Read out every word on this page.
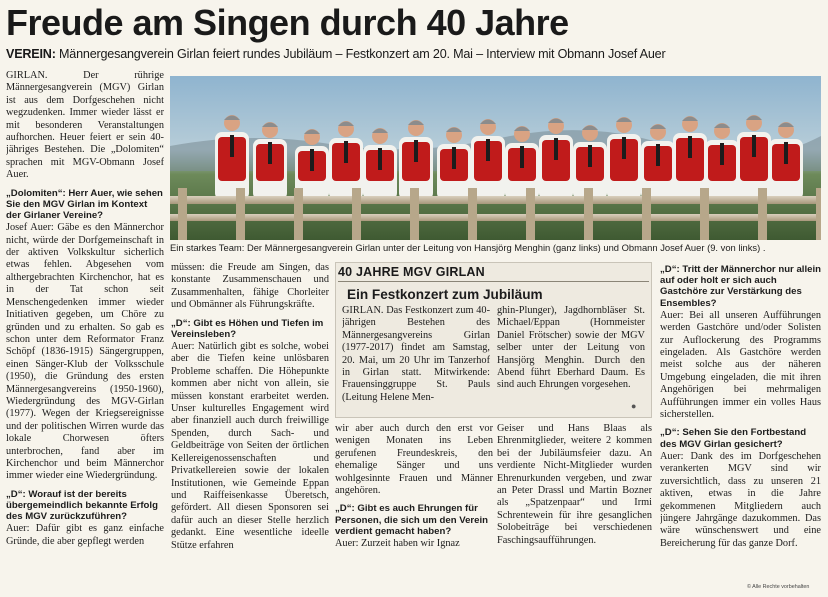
Freude am Singen durch 40 Jahre
VEREIN: Männergesangverein Girlan feiert rundes Jubiläum – Festkonzert am 20. Mai – Interview mit Obmann Josef Auer

GIRLAN. Der rührige Männergesangverein (MGV) Girlan ist aus dem Dorfgeschehen nicht wegzudenken. Immer wieder lässt er mit besonderen Veranstaltungen aufhorchen. Heuer feiert er sein 40-jähriges Bestehen. Die „Dolomiten“ sprachen mit MGV-Obmann Josef Auer.

„Dolomiten“: Herr Auer, wie sehen Sie den MGV Girlan im Kontext der Girlaner Vereine?

Josef Auer: Gäbe es den Männerchor nicht, würde der Dorfgemeinschaft in der aktiven Volkskultur sicherlich etwas fehlen. Abgesehen vom althergebrachten Kirchenchor, hat es in der Tat schon seit Menschengedenken immer wieder Initiativen gegeben, um Chöre zu gründen und zu erhalten. So gab es schon unter dem Reformator Franz Schöpf (1836-1915) Sängergruppen, einen Sänger-Klub der Volksschule (1950), die Gründung des ersten Männergesangvereins (1950-1960), Wiedergründung des MGV-Girlan (1977). Wegen der Kriegsereignisse und der politischen Wirren wurde das lokale Chorwesen öfters unterbrochen, fand aber im Kirchenchor und beim Männerchor immer wieder eine Wiedergründung.

„D“: Worauf ist der bereits übergemeindlich bekannte Erfolg des MGV zurückzuführen?

Auer: Dafür gibt es ganz einfache Gründe, die aber gepflegt werden

Ein starkes Team: Der Männergesangverein Girlan unter der Leitung von Hansjörg Menghin (ganz links) und Obmann Josef Auer (9. von links) .

müssen: die Freude am Singen, das konstante Zusammenschauen und Zusammenhalten, fähige Chorleiter und Obmänner als Führungskräfte.

„D“: Gibt es Höhen und Tiefen im Vereinsleben?

Auer: Natürlich gibt es solche, wobei aber die Tiefen keine unlösbaren Probleme schaffen. Die Höhepunkte kommen aber nicht von allein, sie müssen konstant erarbeitet werden. Unser kulturelles Engagement wird aber finanziell auch durch freiwillige Spenden, durch Sach- und Geldbeiträge von Seiten der örtlichen Kellereigenossenschaften und Privatkellereien sowie der lokalen Institutionen, wie Gemeinde Eppan und Raiffeisenkasse Überetsch, gefördert. All diesen Sponsoren sei dafür auch an dieser Stelle herzlich gedankt. Eine wesentliche ideelle Stütze erfahren

40 JAHRE MGV GIRLAN
Ein Festkonzert zum Jubiläum
GIRLAN. Das Festkonzert zum 40-jährigen Bestehen des Männergesangvereins Girlan (1977-2017) findet am Samstag, 20. Mai, um 20 Uhr im Tanzerhof in Girlan statt. Mitwirkende: Frauensinggruppe St. Pauls (Leitung Helene Men-
ghin-Plunger), Jagdhornbläser St. Michael/Eppan (Hornmeister Daniel Frötscher) sowie der MGV selber unter der Leitung von Hansjörg Menghin. Durch den Abend führt Eberhard Daum. Es sind auch Ehrungen vorgesehen.
●

wir aber auch durch den erst vor wenigen Monaten ins Leben gerufenen Freundeskreis, den ehemalige Sänger und uns wohlgesinnte Frauen und Männer angehören.

„D“: Gibt es auch Ehrungen für Personen, die sich um den Verein verdient gemacht haben?

Auer: Zurzeit haben wir Ignaz

Geiser und Hans Blaas als Ehrenmitglieder, weitere 2 kommen bei der Jubiläumsfeier dazu. An verdiente Nicht-Mitglieder wurden Ehrenurkunden vergeben, und zwar an Peter Drassl und Martin Bozner als „Spatzenpaar“ und Irmi Schrentewein für ihre gesanglichen Solobeiträge bei verschiedenen Faschingsaufführungen.

„D“: Tritt der Männerchor nur allein auf oder holt er sich auch Gastchöre zur Verstärkung des Ensembles?

Auer: Bei all unseren Aufführungen werden Gastchöre und/oder Solisten zur Auflockerung des Programms eingeladen. Als Gastchöre werden meist solche aus der näheren Umgebung eingeladen, die mit ihren Angehörigen bei mehrmaligen Aufführungen immer ein volles Haus sicherstellen.

„D“: Sehen Sie den Fortbestand des MGV Girlan gesichert?

Auer: Dank des im Dorfgeschehen verankerten MGV sind wir zuversichtlich, dass zu unseren 21 aktiven, etwas in die Jahre gekommenen Mitgliedern auch jüngere Jahrgänge dazukommen. Das wäre wünschenswert und eine Bereicherung für das ganze Dorf.

© Alle Rechte vorbehalten
